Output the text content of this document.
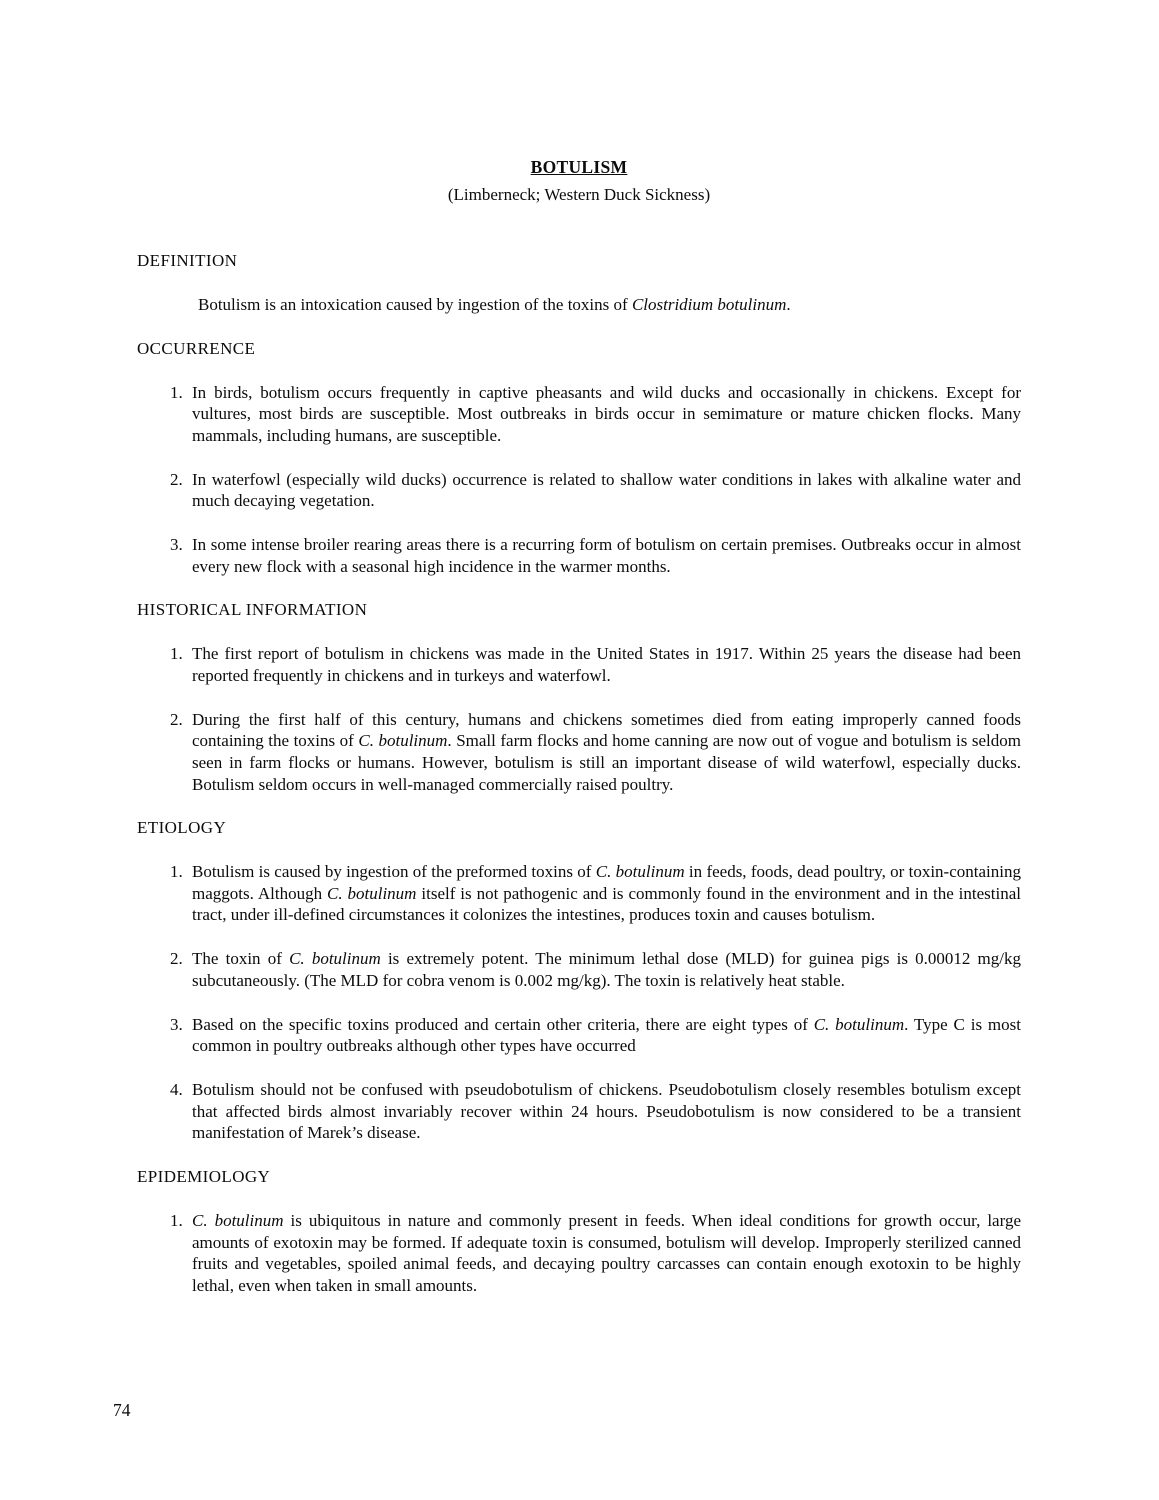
BOTULISM
(Limberneck; Western Duck Sickness)
DEFINITION

Botulism is an intoxication caused by ingestion of the toxins of Clostridium botulinum.

OCCURRENCE
1. In birds, botulism occurs frequently in captive pheasants and wild ducks and occasionally in chickens. Except for vultures, most birds are susceptible. Most outbreaks in birds occur in semimature or mature chicken flocks. Many mammals, including humans, are susceptible.
2. In waterfowl (especially wild ducks) occurrence is related to shallow water conditions in lakes with alkaline water and much decaying vegetation.
3. In some intense broiler rearing areas there is a recurring form of botulism on certain premises. Outbreaks occur in almost every new flock with a seasonal high incidence in the warmer months.
HISTORICAL INFORMATION
1. The first report of botulism in chickens was made in the United States in 1917. Within 25 years the disease had been reported frequently in chickens and in turkeys and waterfowl.
2. During the first half of this century, humans and chickens sometimes died from eating improperly canned foods containing the toxins of C. botulinum. Small farm flocks and home canning are now out of vogue and botulism is seldom seen in farm flocks or humans. However, botulism is still an important disease of wild waterfowl, especially ducks. Botulism seldom occurs in well-managed commercially raised poultry.
ETIOLOGY
1. Botulism is caused by ingestion of the preformed toxins of C. botulinum in feeds, foods, dead poultry, or toxin-containing maggots. Although C. botulinum itself is not pathogenic and is commonly found in the environment and in the intestinal tract, under ill-defined circumstances it colonizes the intestines, produces toxin and causes botulism.
2. The toxin of C. botulinum is extremely potent. The minimum lethal dose (MLD) for guinea pigs is 0.00012 mg/kg subcutaneously. (The MLD for cobra venom is 0.002 mg/kg). The toxin is relatively heat stable.
3. Based on the specific toxins produced and certain other criteria, there are eight types of C. botulinum. Type C is most common in poultry outbreaks although other types have occurred
4. Botulism should not be confused with pseudobotulism of chickens. Pseudobotulism closely resembles botulism except that affected birds almost invariably recover within 24 hours. Pseudobotulism is now considered to be a transient manifestation of Marek’s disease.
EPIDEMIOLOGY
1. C. botulinum is ubiquitous in nature and commonly present in feeds. When ideal conditions for growth occur, large amounts of exotoxin may be formed. If adequate toxin is consumed, botulism will develop. Improperly sterilized canned fruits and vegetables, spoiled animal feeds, and decaying poultry carcasses can contain enough exotoxin to be highly lethal, even when taken in small amounts.
74
